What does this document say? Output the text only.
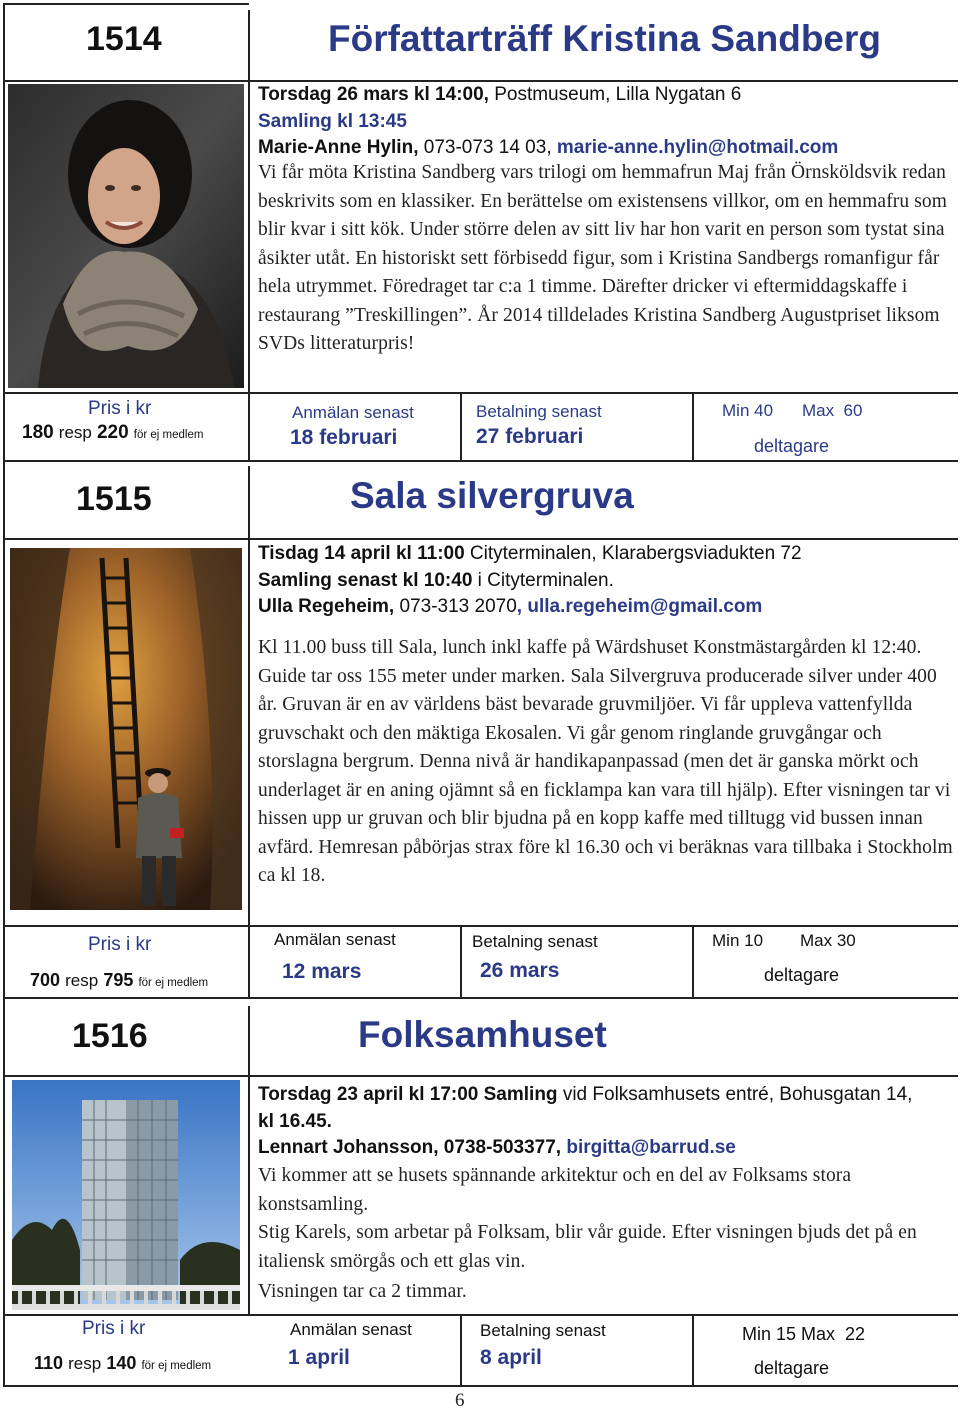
1514	Författarträff Kristina Sandberg
Torsdag 26 mars kl 14:00, Postmuseum, Lilla Nygatan 6
Samling kl 13:45
Marie-Anne Hylin, 073-073 14 03, marie-anne.hylin@hotmail.com
Vi får möta Kristina Sandberg vars trilogi om hemmafrun Maj från Örnsköldsvik redan beskrivits som en klassiker. En berättelse om existensens villkor, om en hemmafru som blir kvar i sitt kök. Under större delen av sitt liv har hon varit en person som tystat sina åsikter utåt. En historiskt sett förbisedd figur, som i Kristina Sandbergs romanfigur får hela utrymmet. Föredraget tar c:a 1 timme. Därefter dricker vi eftermiddagskaffe i restaurang ”Treskillingen”. År 2014 tilldelades Kristina Sandberg Augustpriset liksom SVDs litteraturpris!
Pris i kr
180 resp 220 för ej medlem
Anmälan senast
18 februari
Betalning senast
27 februari
Min 40 Max  60
deltagare
1515	Sala silvergruva
Tisdag 14 april kl 11:00 Cityterminalen, Klarabergsviadukten 72
Samling senast kl 10:40 i Cityterminalen.
Ulla Regeheim, 073-313 2070, ulla.regeheim@gmail.com
Kl 11.00 buss till Sala, lunch inkl kaffe på Wärdshuset Konstmästargården kl 12:40. Guide tar oss 155 meter under marken. Sala Silvergruva producerade silver under 400 år. Gruvan är en av världens bäst bevarade gruvmiljöer. Vi får uppleva vattenfyllda gruvschakt och den mäktiga Ekosalen. Vi går genom ringlande gruvgångar och storslagna bergrum. Denna nivå är handikapanpassad (men det är ganska mörkt och underlaget är en aning ojämnt så en ficklampa kan vara till hjälp). Efter visningen tar vi hissen upp ur gruvan och blir bjudna på en kopp kaffe med tilltugg vid bussen innan avfärd. Hemresan påbörjas strax före kl 16.30 och vi beräknas vara tillbaka i Stockholm ca kl 18.
Pris i kr
700 resp 795 för ej medlem
Anmälan senast
12 mars
Betalning senast
26 mars
Min 10 Max 30
deltagare
1516	Folksamhuset
Torsdag 23 april kl 17:00 Samling vid Folksamhusets entré, Bohusgatan 14, kl 16.45.
Lennart Johansson, 0738-503377, birgitta@barrud.se
Vi kommer att se husets spännande arkitektur och en del av Folksams stora konstsamling.
Stig Karels, som arbetar på Folksam, blir vår guide. Efter visningen bjuds det på en italiensk smörgås och ett glas vin.
Visningen tar ca 2 timmar.
Pris i kr
110 resp 140 för ej medlem
Anmälan senast
1 april
Betalning senast
8 april
Min 15 Max  22
deltagare
6
